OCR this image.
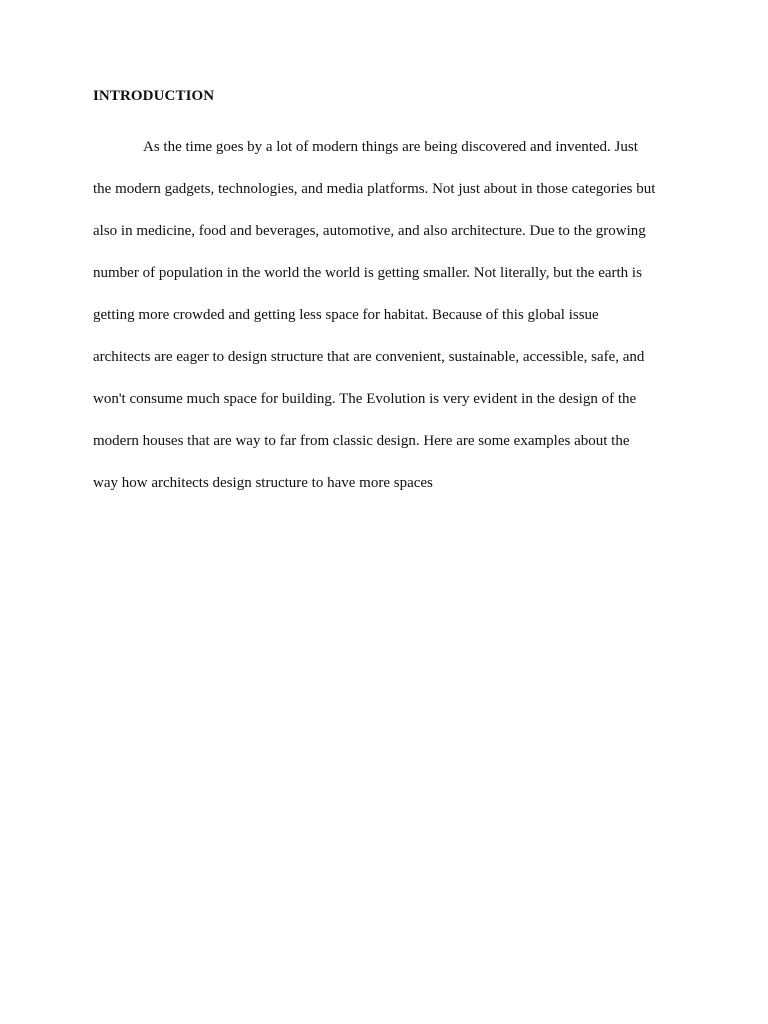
INTRODUCTION
As the time goes by a lot of modern things are being discovered and invented. Just
the modern gadgets, technologies, and media platforms. Not just about in those categories but
also in medicine, food and beverages, automotive, and also architecture. Due to the growing
number of population in the world the world is getting smaller. Not literally, but the earth is
getting more crowded and getting less space for habitat. Because of this global issue
architects are eager to design structure that are convenient, sustainable, accessible, safe, and
won't consume much space for building. The Evolution is very evident in the design of the
modern houses that are way to far from classic design. Here are some examples about the
way how architects design structure to have more spaces
